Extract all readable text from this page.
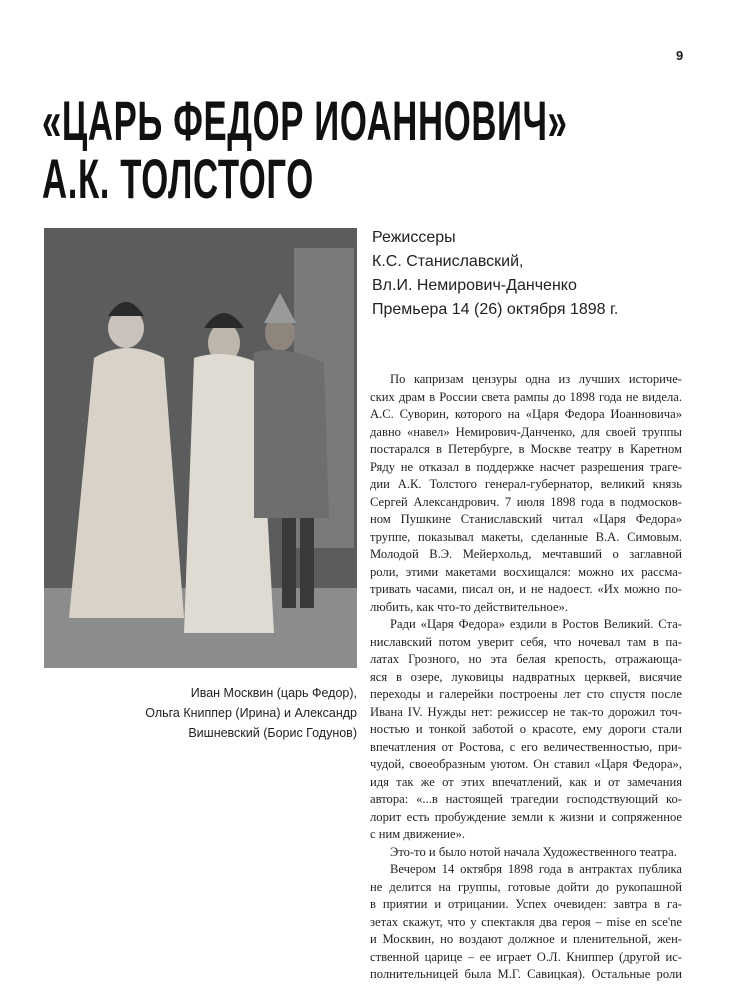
9
«ЦАРЬ ФЕДОР ИОАННОВИЧ»
А.К. ТОЛСТОГО
Иван Москвин (царь Федор),
Ольга Книппер (Ирина) и Александр
Вишневский (Борис Годунов)
Режиссеры
К.С. Станиславский,
Вл.И. Немирович-Данченко
Премьера 14 (26) октября 1898 г.
По капризам цензуры одна из лучших историче-
ских драм в России света рампы до 1898 года не видела.
А.С. Суворин, которого на «Царя Федора Иоанновича»
давно «навел» Немирович-Данченко, для своей труппы
постарался в Петербурге, в Москве театру в Каретном
Ряду не отказал в поддержке насчет разрешения траге-
дии А.К. Толстого генерал-губернатор, великий князь
Сергей Александрович. 7 июля 1898 года в подмосков-
ном Пушкине Станиславский читал «Царя Федора»
труппе, показывал макеты, сделанные В.А. Симовым.
Молодой В.Э. Мейерхольд, мечтавший о заглавной
роли, этими макетами восхищался: можно их рассма-
тривать часами, писал он, и не надоест. «Их можно по-
любить, как что-то действительное».
Ради «Царя Федора» ездили в Ростов Великий. Ста-
ниславский потом уверит себя, что ночевал там в па-
латах Грозного, но эта белая крепость, отражающа-
яся в озере, луковицы надвратных церквей, висячие
переходы и галерейки построены лет сто спустя после
Ивана IV. Нужды нет: режиссер не так-то дорожил точ-
ностью и тонкой заботой о красоте, ему дороги стали
впечатления от Ростова, с его величественностью, при-
чудой, своеобразным уютом. Он ставил «Царя Федора»,
идя так же от этих впечатлений, как и от замечания
автора: «...в настоящей трагедии господствующий ко-
лорит есть пробуждение земли к жизни и сопряженное
с ним движение».
Это-то и было нотой начала Художественного театра.
Вечером 14 октября 1898 года в антрактах публика
не делится на группы, готовые дойти до рукопашной
в приятии и отрицании. Успех очевиден: завтра в га-
зетах скажут, что у спектакля два героя – mise en sce'ne
и Москвин, но воздают должное и пленительной, жен-
ственной царице – ее играет О.Л. Книппер (другой ис-
полнительницей была М.Г. Савицкая). Остальные роли
